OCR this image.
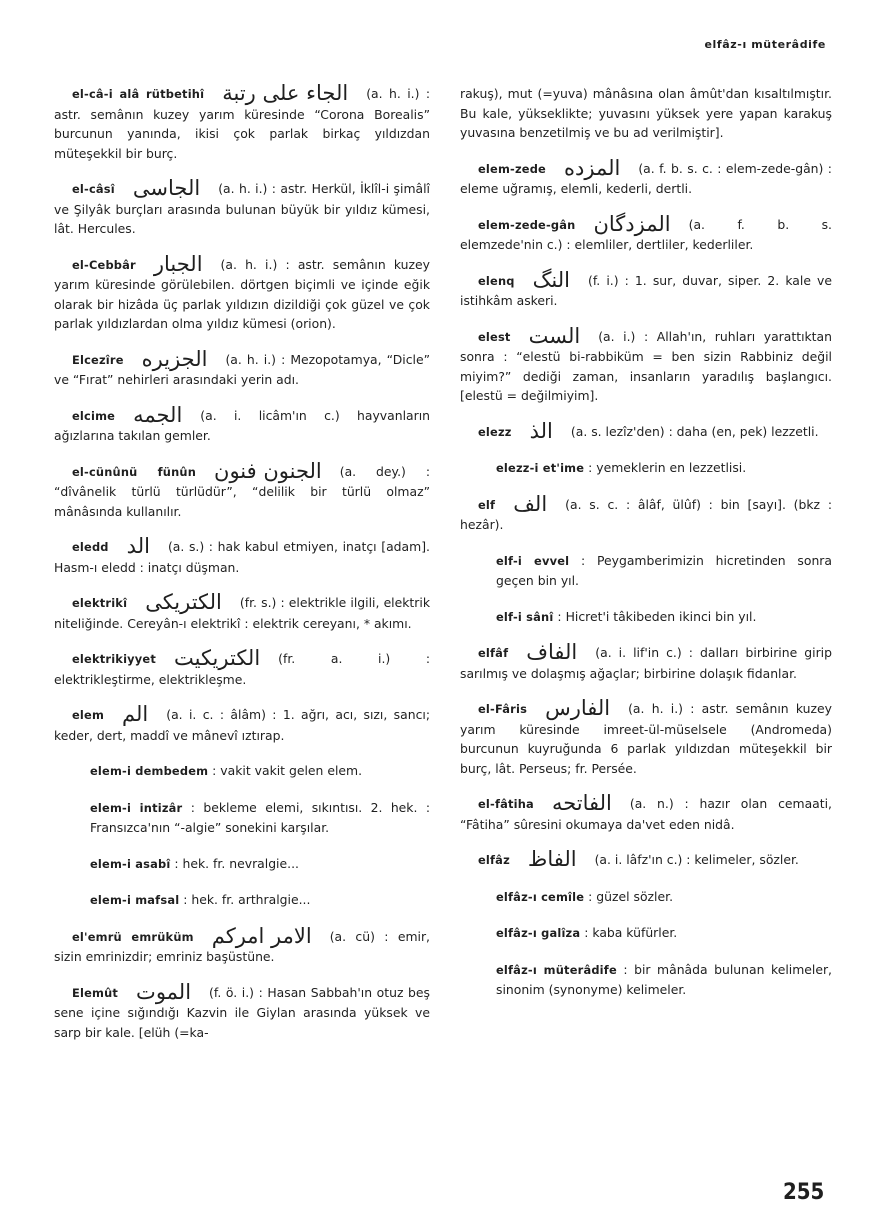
elfâz-ı müterâdife

el-câ-i alâ rütbetihî الجاء على رتبة (a. h. i.) : astr. semânın kuzey yarım küresinde “Corona Borealis” burcunun yanında, ikisi çok parlak birkaç yıldızdan müteşekkil bir burç.

el-câsî الجاسى (a. h. i.) : astr. Herkül, İklîl-i şimâlî ve Şilyâk burçları arasında bulunan büyük bir yıldız kümesi, lât. Hercules.

el-Cebbâr الجبار (a. h. i.) : astr. semânın kuzey yarım küresinde görülebilen. dörtgen biçimli ve içinde eğik olarak bir hizâda üç parlak yıldızın dizildiği çok güzel ve çok parlak yıldızlardan olma yıldız kümesi (orion).

Elcezîre الجزيره (a. h. i.) : Mezopotamya, “Dicle” ve “Fırat” nehirleri arasındaki yerin adı.

elcime الجمه (a. i. licâm'ın c.) hayvanların ağızlarına takılan gemler.

el-cünûnü fünûn الجنون فنون (a. dey.) : “dîvânelik türlü türlüdür”, “delilik bir türlü olmaz” mânâsında kullanılır.

eledd الد (a. s.) : hak kabul etmiyen, inatçı [adam]. Hasm-ı eledd : inatçı düşman.

elektrikî الكتريكى (fr. s.) : elektrikle ilgili, elektrik niteliğinde. Cereyân-ı elektrikî : elektrik cereyanı, * akımı.

elektrikiyyet الكتريكيت (fr. a. i.) : elektrikleştirme, elektrikleşme.

elem الم (a. i. c. : âlâm) : 1. ağrı, acı, sızı, sancı; keder, dert, maddî ve mânevî ıztırap.

elem-i dembedem : vakit vakit gelen elem.

elem-i intizâr : bekleme elemi, sıkıntısı. 2. hek. : Fransızca'nın “-algie” sonekini karşılar.

elem-i asabî : hek. fr. nevralgie...

elem-i mafsal : hek. fr. arthralgie...

el'emrü emrüküm الامر امركم (a. cü) : emir, sizin emrinizdir; emriniz başüstüne.

Elemût الموت (f. ö. i.) : Hasan Sabbah'ın otuz beş sene içine sığındığı Kazvin ile Giylan arasında yüksek ve sarp bir kale. [elüh (=ka-

rakuş), mut (=yuva) mânâsına olan âmût'dan kısaltılmıştır. Bu kale, yükseklikte; yuvasını yüksek yere yapan karakuş yuvasına benzetilmiş ve bu ad verilmiştir].

elem-zede المزده (a. f. b. s. c. : elem-zede-gân) : eleme uğramış, elemli, kederli, dertli.

elem-zede-gân المزدگان (a. f. b. s. elemzede'nin c.) : elemliler, dertliler, kederliler.

elenq النگ (f. i.) : 1. sur, duvar, siper. 2. kale ve istihkâm askeri.

elest الست (a. i.) : Allah'ın, ruhları yarattıktan sonra : “elestü bi-rabbiküm = ben sizin Rabbiniz değil miyim?” dediği zaman, insanların yaradılış başlangıcı. [elestü = değilmiyim].

elezz الذ (a. s. lezîz'den) : daha (en, pek) lezzetli.

elezz-i et'ime : yemeklerin en lezzetlisi.

elf الف (a. s. c. : âlâf, ülûf) : bin [sayı]. (bkz : hezâr).

elf-i evvel : Peygamberimizin hicretinden sonra geçen bin yıl.

elf-i sânî : Hicret'i tâkibeden ikinci bin yıl.

elfâf الفاف (a. i. lif'in c.) : dalları birbirine girip sarılmış ve dolaşmış ağaçlar; birbirine dolaşık fidanlar.

el-Fâris الفارس (a. h. i.) : astr. semânın kuzey yarım küresinde imreet-ül-müselsele (Andromeda) burcunun kuyruğunda 6 parlak yıldızdan müteşekkil bir burç, lât. Perseus; fr. Persée.

el-fâtiha الفاتحه (a. n.) : hazır olan cemaati, “Fâtiha” sûresini okumaya da'vet eden nidâ.

elfâz الفاظ (a. i. lâfz'ın c.) : kelimeler, sözler.

elfâz-ı cemîle : güzel sözler.

elfâz-ı galîza : kaba küfürler.

elfâz-ı müterâdife : bir mânâda bulunan kelimeler, sinonim (synonyme) kelimeler.

255
